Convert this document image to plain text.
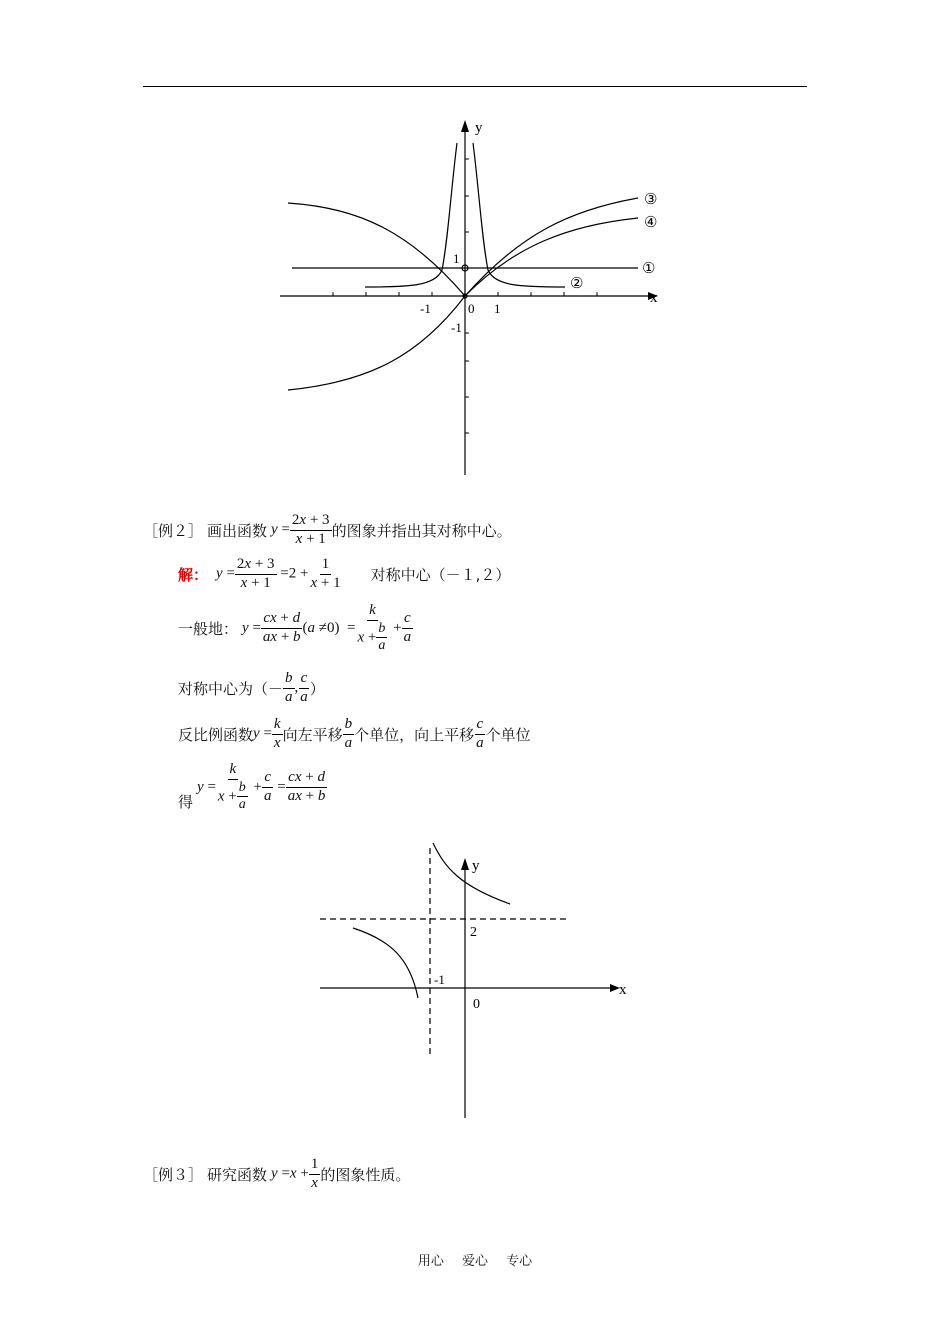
y
x
1
-1	0 1
-1
①
②
③
④
［例２］ 画出函数 $y = \frac{2x + 3}{x + 1}$ 的图象并指出其对称中心。
解： $y = \frac{2x + 3}{x + 1} =2 + \frac{1}{x + 1}$ 对称中心（－１,２）
一般地： $y = \frac{cx + d}{ax + b} (a \ne 0) = \frac{k}{x + \frac{b}{a}} + \frac{c}{a}$
对称中心为（－ $\frac{b}{a}$ , $\frac{c}{a}$ ）
反比例函数 $y = \frac{k}{x}$ 向左平移 $\frac{b}{a}$ 个单位，向上平移 $\frac{c}{a}$ 个单位
得
$y = \frac{k}{x + \frac{b}{a}} + \frac{c}{a} = \frac{cx + d}{ax + b}$
y
x
2
-1
0
［例３］ 研究函数 $y =x + \frac{1}{x}$ 的图象性质。
用心 爱心 专心
